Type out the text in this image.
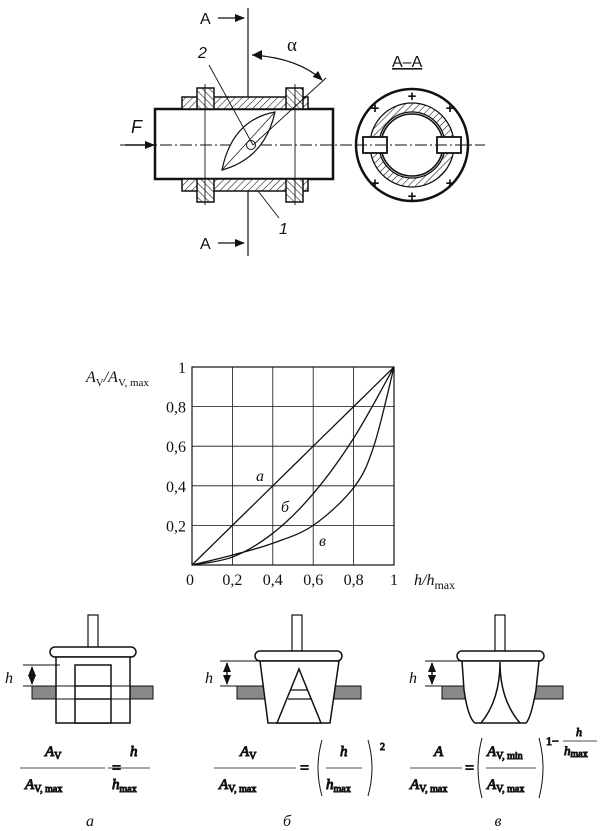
A
A
A–A
α
F
2
1
+
+
+
+	+
+
0,2 0,4 0,6 0,8 1
0,2
0,4
0,6
0,8
1
0
$A_V/A_{V, max}$
$h/h_{max}$
a
б
в
h	h	h
$A_V$
$A_{V, max}$
=
h
$h_{max}$
$A_V$
$A_{V, max}$
=
h
$h_{max}$
2	A
$A_{V, max}$
=
$A_{V, min}$
$A_{V, max}$
1−
h
hmax
а	б	в
